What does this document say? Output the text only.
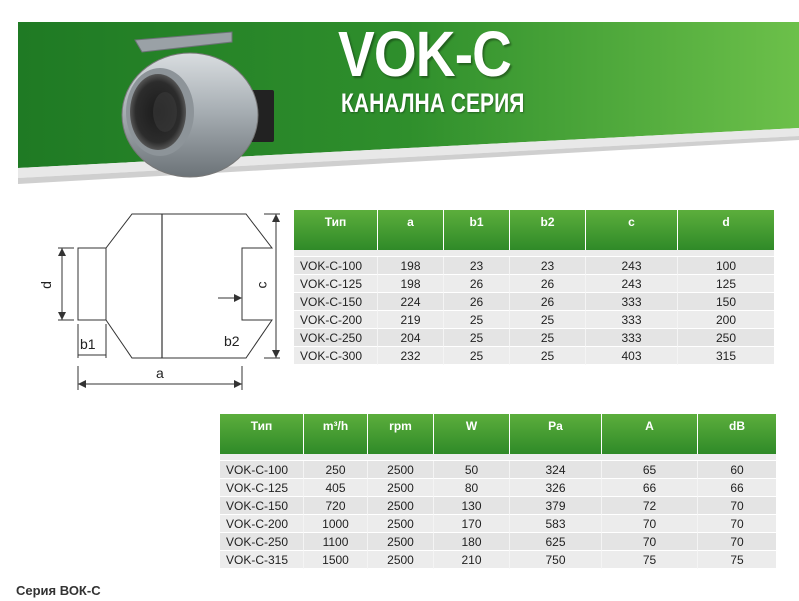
VOK-C
КАНАЛНА СЕРИЯ
d
b1	b2
a
c
Тип	a	b1	b2	c	d

VOK-C-100	198	23	23	243	100
VOK-C-125	198	26	26	243	125
VOK-C-150	224	26	26	333	150
VOK-C-200	219	25	25	333	200
VOK-C-250	204	25	25	333	250
VOK-C-300	232	25	25	403	315
Тип	m³/h	rpm	W	Pa	A	dB

VOK-C-100	250	2500	50	324	65	60
VOK-C-125	405	2500	80	326	66	66
VOK-C-150	720	2500	130	379	72	70
VOK-C-200	1000	2500	170	583	70	70
VOK-C-250	1100	2500	180	625	70	70
VOK-C-315	1500	2500	210	750	75	75

Серия ВОК-С
